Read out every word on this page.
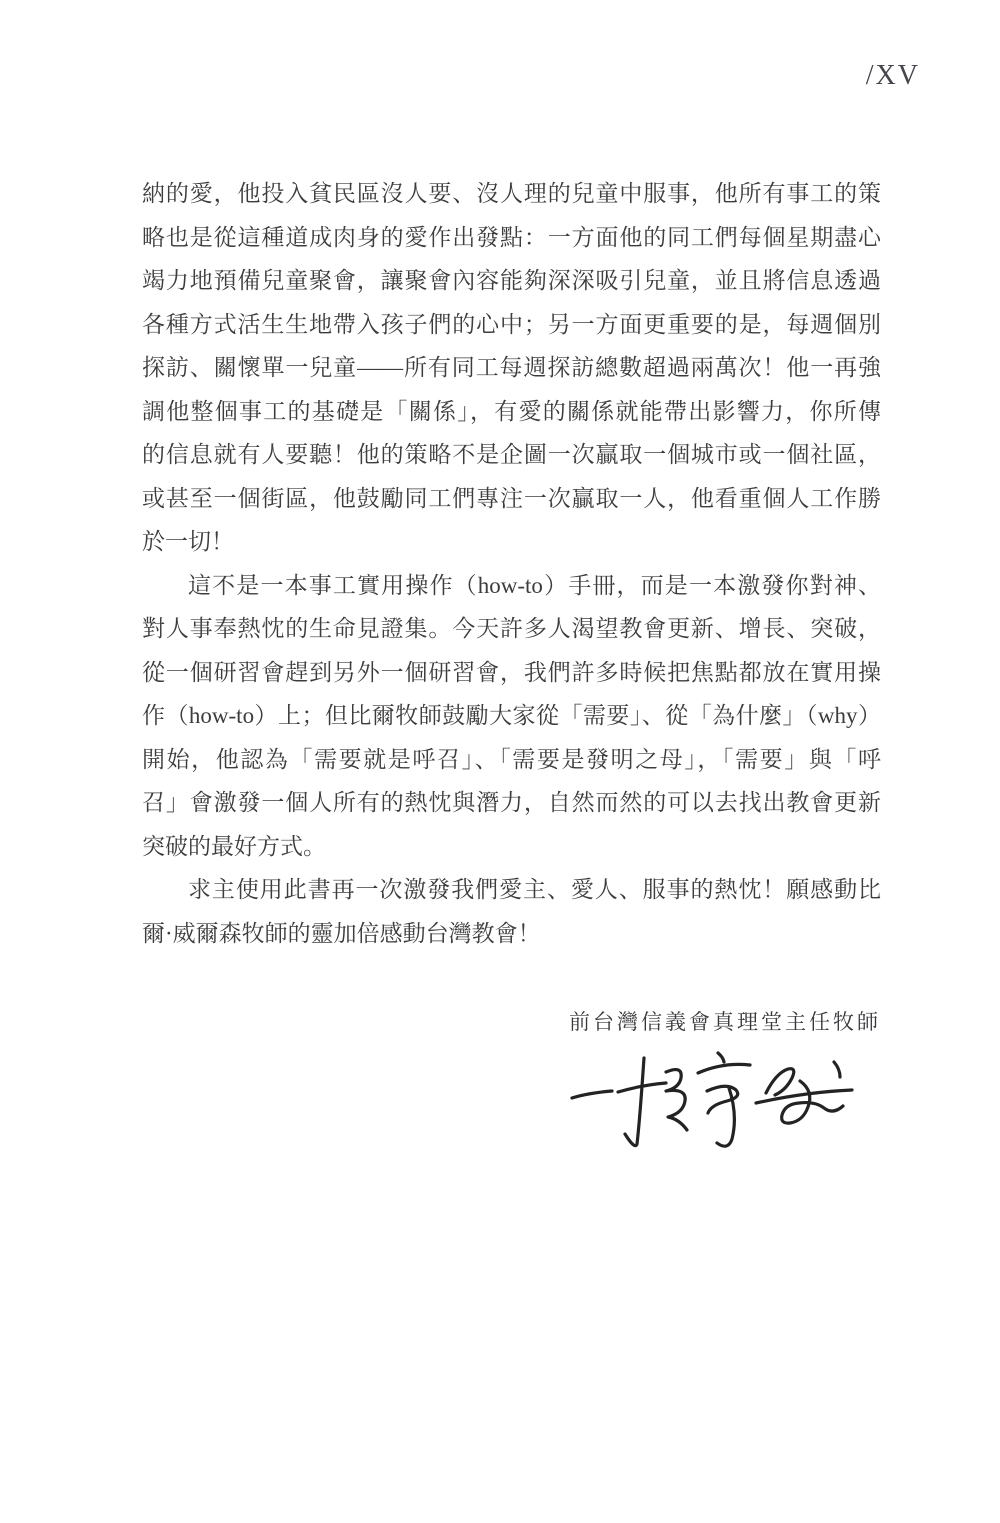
/XV
納的愛，他投入貧民區沒人要、沒人理的兒童中服事，他所有事工的策
略也是從這種道成肉身的愛作出發點：一方面他的同工們每個星期盡心
竭力地預備兒童聚會，讓聚會內容能夠深深吸引兒童，並且將信息透過
各種方式活生生地帶入孩子們的心中；另一方面更重要的是，每週個別
探訪、關懷單一兒童——所有同工每週探訪總數超過兩萬次！他一再強
調他整個事工的基礎是「關係」，有愛的關係就能帶出影響力，你所傳
的信息就有人要聽！他的策略不是企圖一次贏取一個城市或一個社區，
或甚至一個街區，他鼓勵同工們專注一次贏取一人，他看重個人工作勝
於一切！
這不是一本事工實用操作（how-to）手冊，而是一本激發你對神、
對人事奉熱忱的生命見證集。今天許多人渴望教會更新、增長、突破，
從一個研習會趕到另外一個研習會，我們許多時候把焦點都放在實用操
作（how-to）上；但比爾牧師鼓勵大家從「需要」、從「為什麼」（why）
開始，他認為「需要就是呼召」、「需要是發明之母」，「需要」與「呼
召」會激發一個人所有的熱忱與潛力，自然而然的可以去找出教會更新
突破的最好方式。
求主使用此書再一次激發我們愛主、愛人、服事的熱忱！願感動比
爾·威爾森牧師的靈加倍感動台灣教會！
前台灣信義會真理堂主任牧師
